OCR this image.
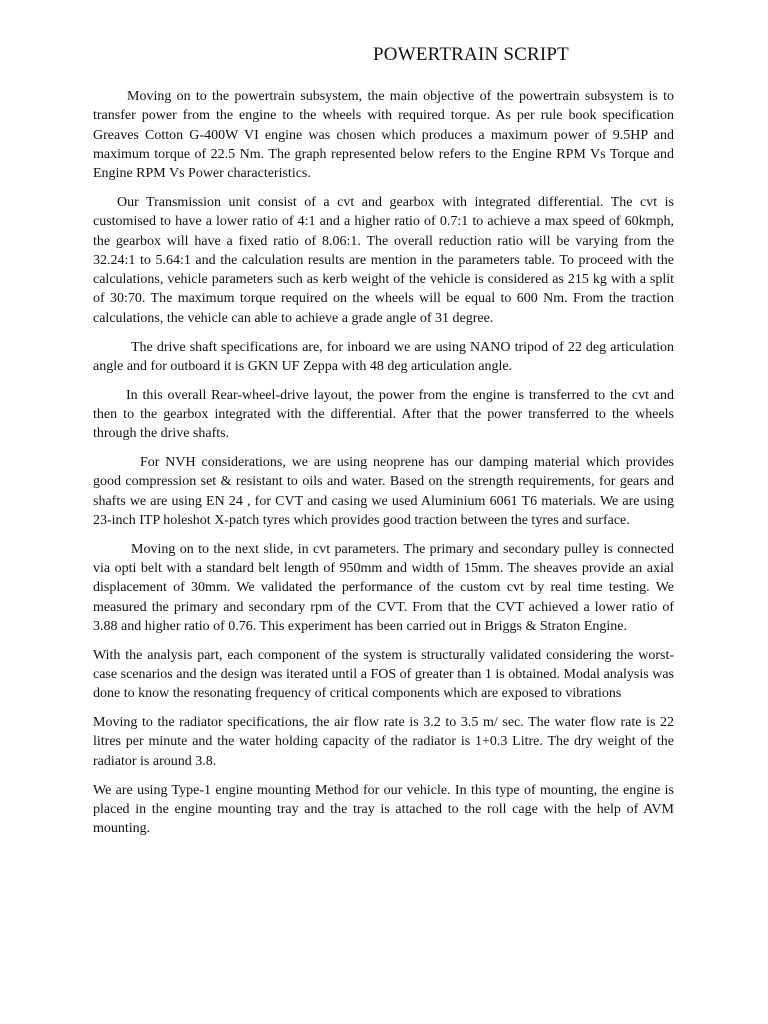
POWERTRAIN SCRIPT

Moving on to the powertrain subsystem, the main objective of the powertrain subsystem is to transfer power from the engine to the wheels with required torque. As per rule book specification Greaves Cotton G-400W VI engine was chosen which produces a maximum power of 9.5HP and maximum torque of 22.5 Nm. The graph represented below refers to the Engine RPM Vs Torque and Engine RPM Vs Power characteristics.

Our Transmission unit consist of a cvt and gearbox with integrated differential. The cvt is customised to have a lower ratio of 4:1 and a higher ratio of 0.7:1 to achieve a max speed of 60kmph, the gearbox will have a fixed ratio of 8.06:1. The overall reduction ratio will be varying from the 32.24:1 to 5.64:1 and the calculation results are mention in the parameters table. To proceed with the calculations, vehicle parameters such as kerb weight of the vehicle is considered as 215 kg with a split of 30:70. The maximum torque required on the wheels will be equal to 600 Nm. From the traction calculations, the vehicle can able to achieve a grade angle of 31 degree.

The drive shaft specifications are, for inboard we are using NANO tripod of 22 deg articulation angle and for outboard it is GKN UF Zeppa with 48 deg articulation angle.

In this overall Rear-wheel-drive layout, the power from the engine is transferred to the cvt and then to the gearbox integrated with the differential. After that the power transferred to the wheels through the drive shafts.

For NVH considerations, we are using neoprene has our damping material which provides good compression set & resistant to oils and water. Based on the strength requirements, for gears and shafts we are using EN 24 , for CVT and casing we used Aluminium 6061 T6 materials. We are using 23-inch ITP holeshot X-patch tyres which provides good traction between the tyres and surface.

Moving on to the next slide, in cvt parameters. The primary and secondary pulley is connected via opti belt with a standard belt length of 950mm and width of 15mm. The sheaves provide an axial displacement of 30mm. We validated the performance of the custom cvt by real time testing. We measured the primary and secondary rpm of the CVT. From that the CVT achieved a lower ratio of 3.88 and higher ratio of 0.76. This experiment has been carried out in Briggs & Straton Engine.

With the analysis part, each component of the system is structurally validated considering the worst-case scenarios and the design was iterated until a FOS of greater than 1 is obtained. Modal analysis was done to know the resonating frequency of critical components which are exposed to vibrations

Moving to the radiator specifications, the air flow rate is 3.2 to 3.5 m/ sec. The water flow rate is 22 litres per minute and the water holding capacity of the radiator is 1+0.3 Litre. The dry weight of the radiator is around 3.8.

We are using Type-1 engine mounting Method for our vehicle. In this type of mounting, the engine is placed in the engine mounting tray and the tray is attached to the roll cage with the help of AVM mounting.
